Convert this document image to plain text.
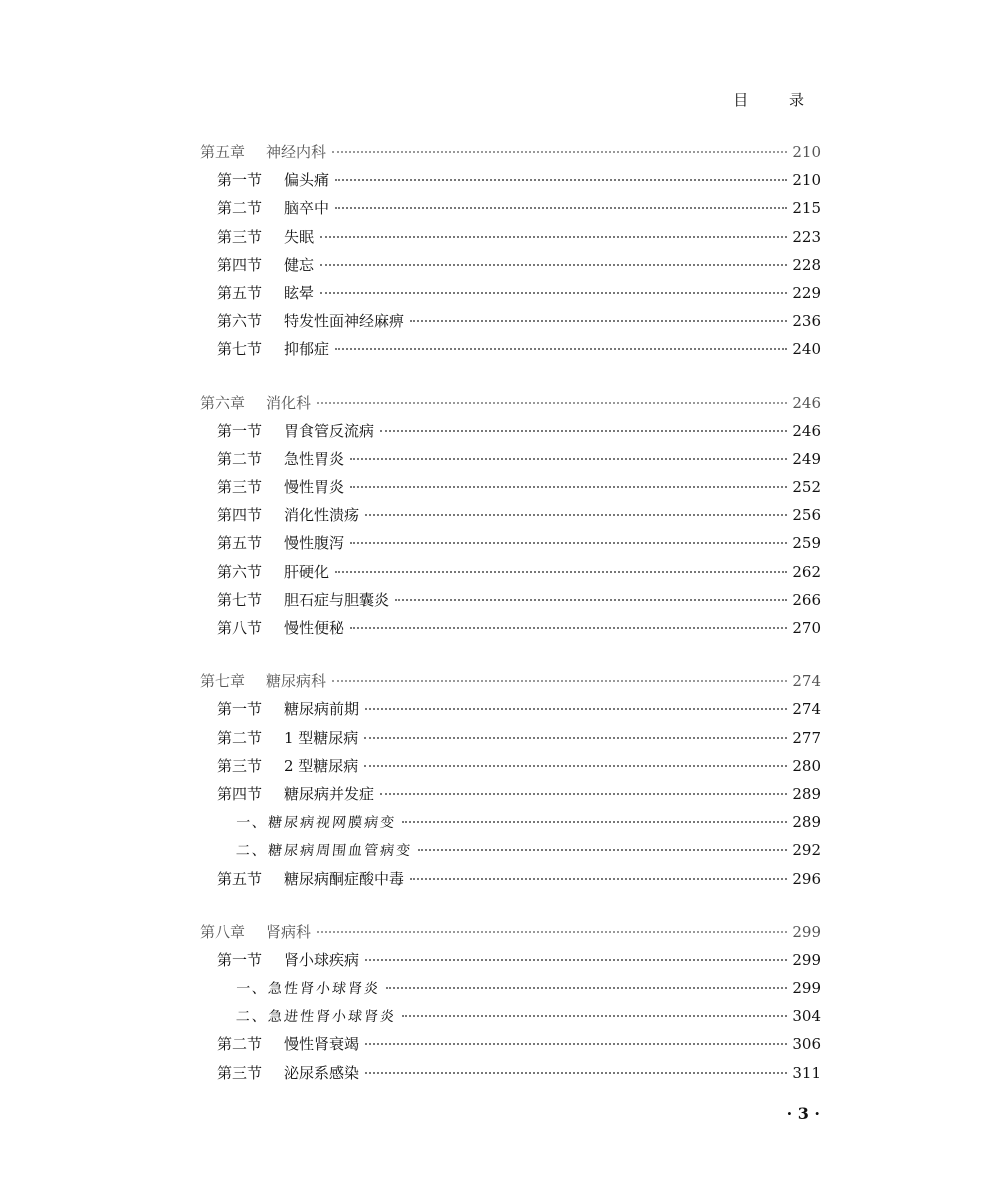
目 录
第五章	神经内科	210
第一节	偏头痛	210
第二节	脑卒中	215
第三节	失眠	223
第四节	健忘	228
第五节	眩晕	229
第六节	特发性面神经麻痹	236
第七节	抑郁症	240
第六章	消化科	246
第一节	胃食管反流病	246
第二节	急性胃炎	249
第三节	慢性胃炎	252
第四节	消化性溃疡	256
第五节	慢性腹泻	259
第六节	肝硬化	262
第七节	胆石症与胆囊炎	266
第八节	慢性便秘	270
第七章	糖尿病科	274
第一节	糖尿病前期	274
第二节	1 型糖尿病	277
第三节	2 型糖尿病	280
第四节	糖尿病并发症	289
一、糖尿病视网膜病变	289
二、糖尿病周围血管病变	292
第五节	糖尿病酮症酸中毒	296
第八章	肾病科	299
第一节	肾小球疾病	299
一、急性肾小球肾炎	299
二、急进性肾小球肾炎	304
第二节	慢性肾衰竭	306
第三节	泌尿系感染	311
· 3 ·
